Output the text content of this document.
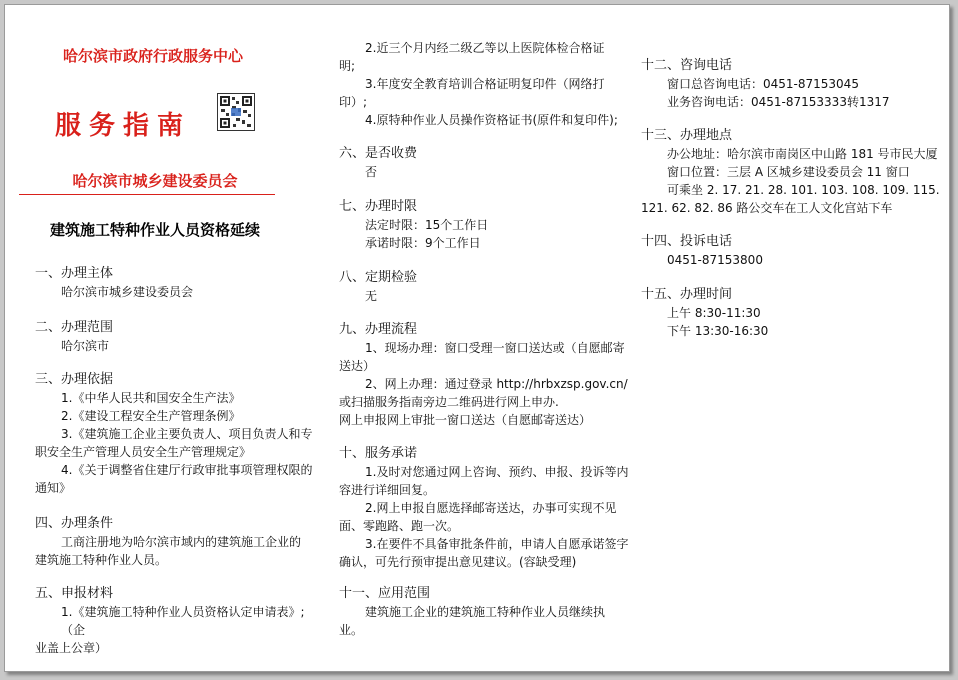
哈尔滨市政府行政服务中心
服务指南
哈尔滨市城乡建设委员会
建筑施工特种作业人员资格延续
一、办理主体

哈尔滨市城乡建设委员会

二、办理范围

哈尔滨市

三、办理依据

1.《中华人民共和国安全生产法》

2.《建设工程安全生产管理条例》

3.《建筑施工企业主要负责人、项目负责人和专

职安全生产管理人员安全生产管理规定》

4.《关于调整省住建厅行政审批事项管理权限的

通知》

四、办理条件

工商注册地为哈尔滨市域内的建筑施工企业的

建筑施工特种作业人员。

五、申报材料

1.《建筑施工特种作业人员资格认定申请表》;（企

业盖上公章）

2.近三个月内经二级乙等以上医院体检合格证

明;

3.年度安全教育培训合格证明复印件（网络打

印）;

4.原特种作业人员操作资格证书(原件和复印件);

六、是否收费

否

七、办理时限

法定时限：15个工作日

承诺时限：9个工作日

八、定期检验

无

九、办理流程

1、现场办理：窗口受理一窗口送达或（自愿邮寄

送达）

2、网上办理：通过登录 http://hrbxzsp.gov.cn/

或扫描服务指南旁边二维码进行网上申办.

网上申报网上审批一窗口送达（自愿邮寄送达）

十、服务承诺

1.及时对您通过网上咨询、预约、申报、投诉等内

容进行详细回复。

2.网上申报自愿选择邮寄送达，办事可实现不见

面、零跑路、跑一次。

3.在要件不具备审批条件前，申请人自愿承诺签字

确认，可先行预审提出意见建议。(容缺受理)

十一、应用范围

建筑施工企业的建筑施工特种作业人员继续执

业。

十二、咨询电话

窗口总咨询电话：0451-87153045

业务咨询电话：0451-87153333转1317

十三、办理地点

办公地址：哈尔滨市南岗区中山路 181 号市民大厦

窗口位置：三层 A 区城乡建设委员会 11 窗口

可乘坐 2. 17. 21. 28. 101. 103. 108. 109. 115.

121. 62. 82. 86 路公交车在工人文化宫站下车

十四、投诉电话

0451-87153800

十五、办理时间

上午 8:30-11:30

下午 13:30-16:30
